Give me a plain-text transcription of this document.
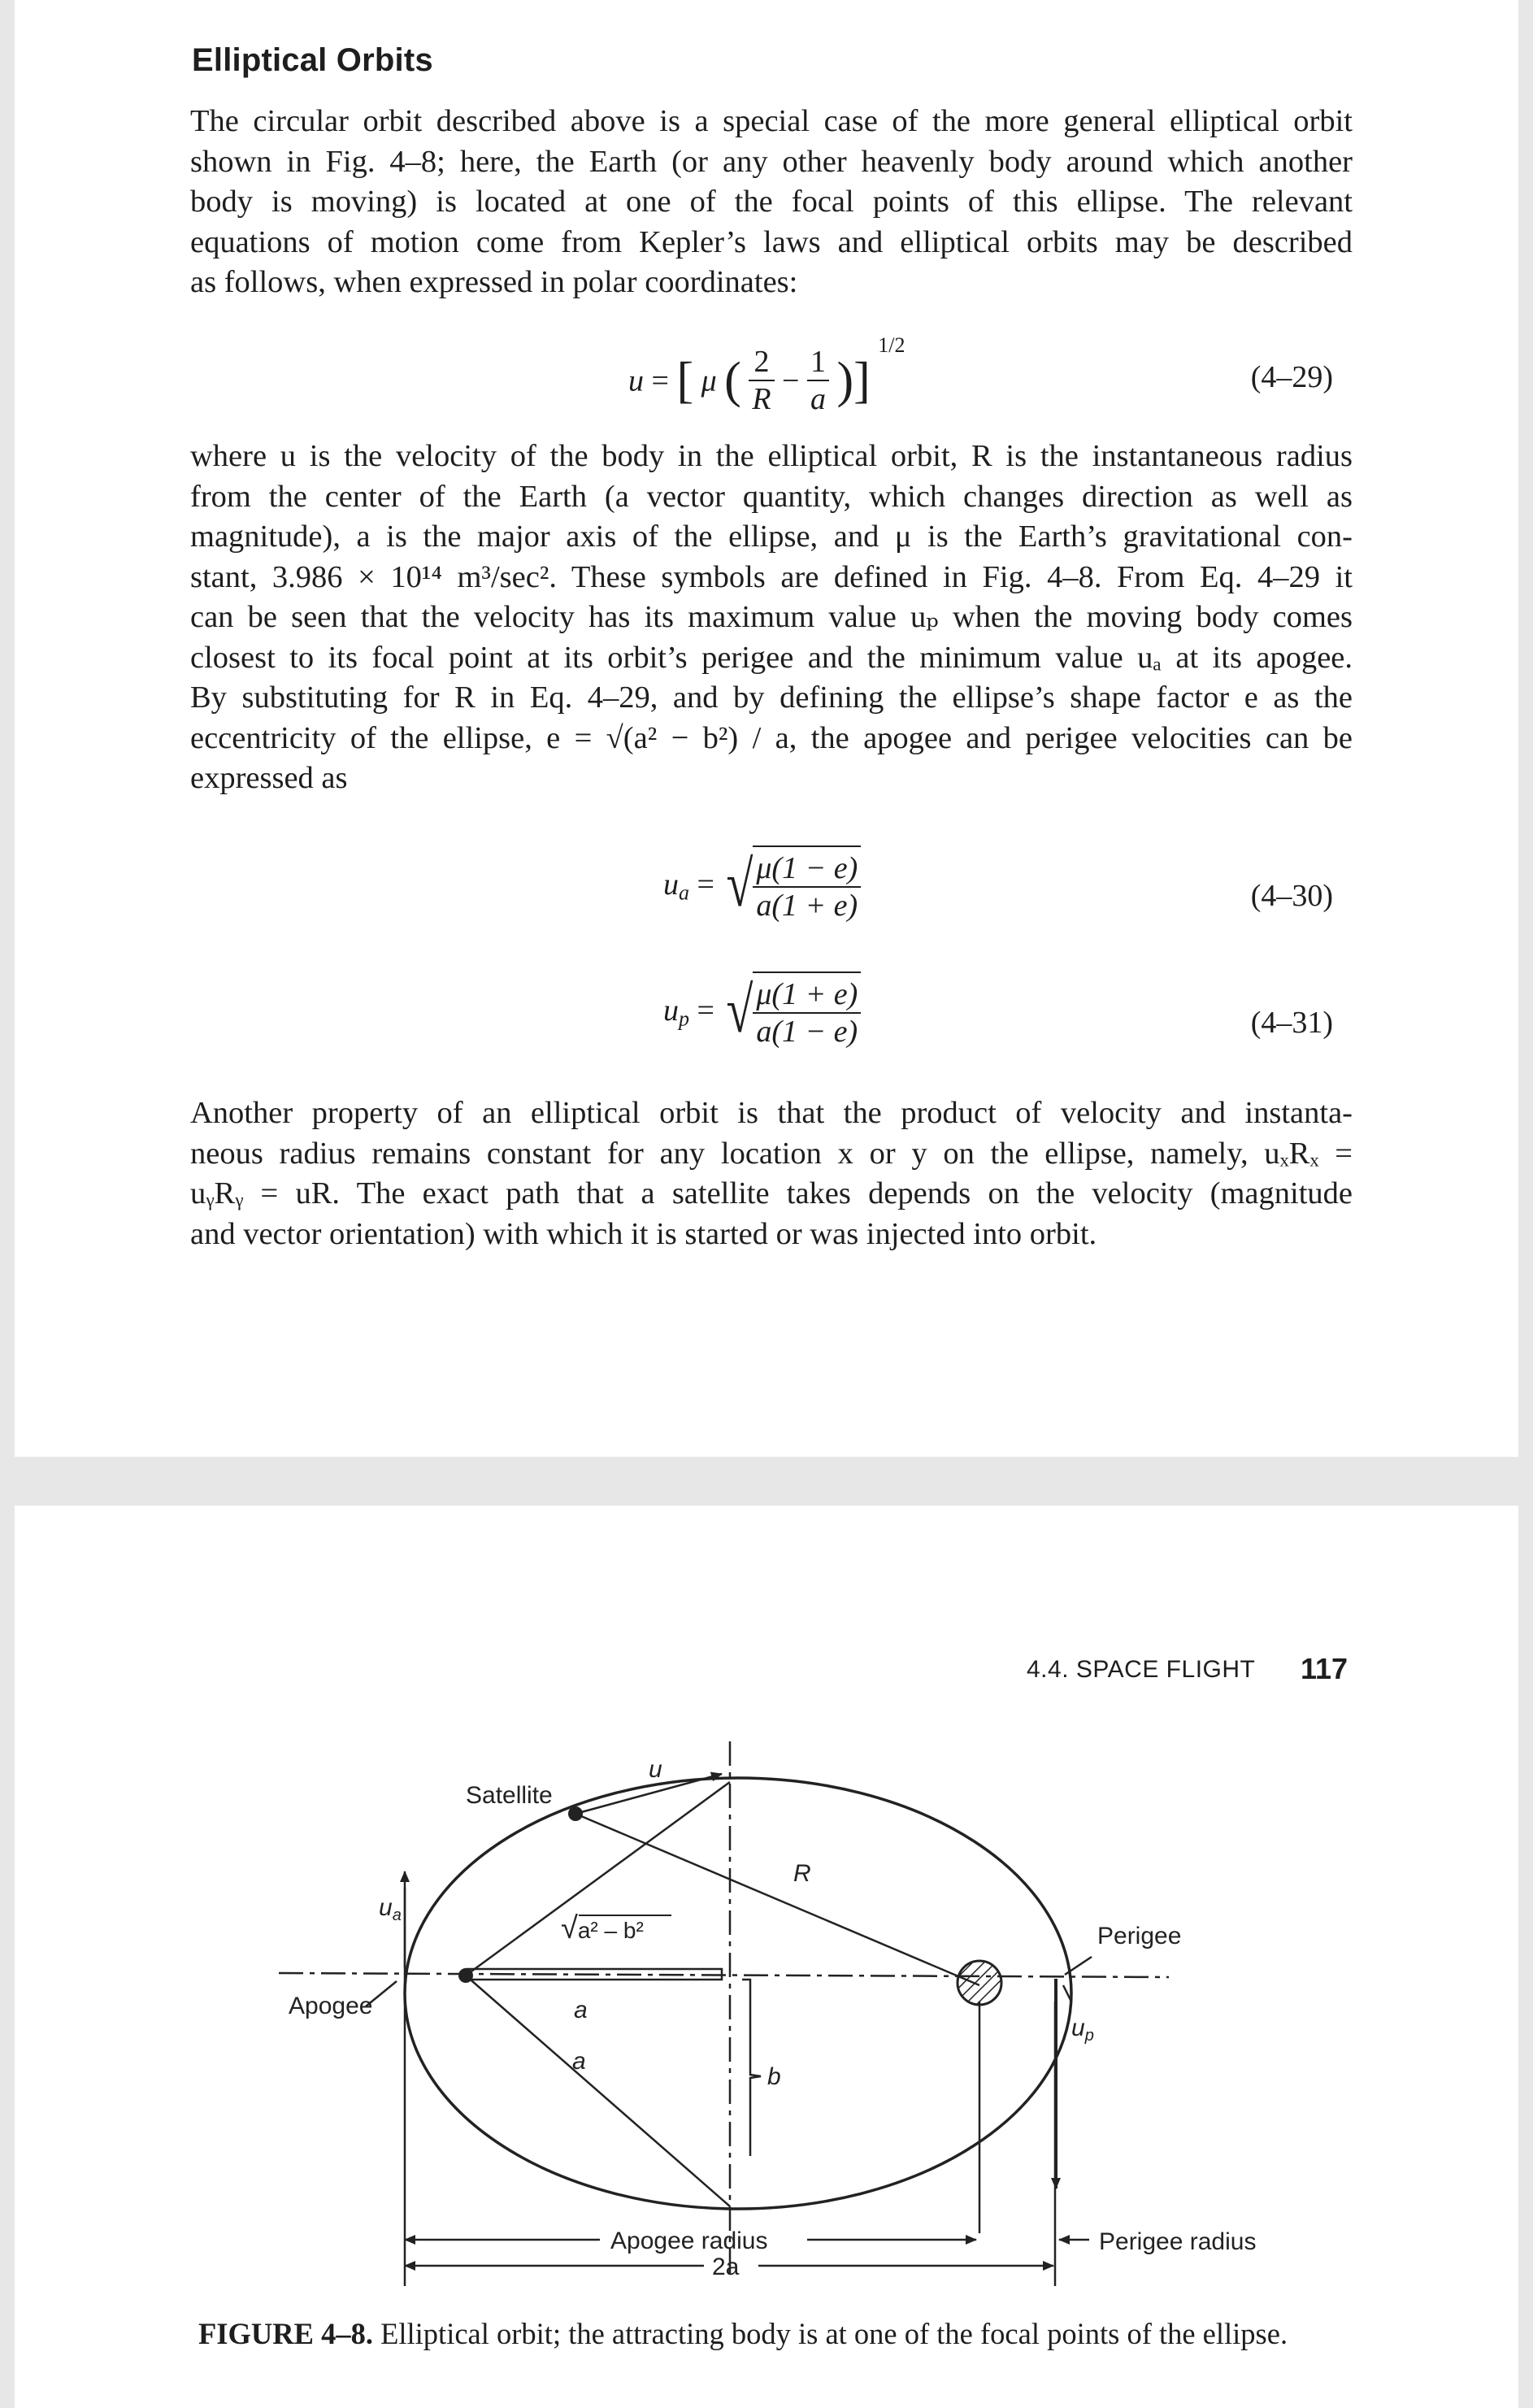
Elliptical Orbits
The circular orbit described above is a special case of the more general elliptical orbit
shown in Fig. 4–8; here, the Earth (or any other heavenly body around which another
body is moving) is located at one of the focal points of this ellipse. The relevant
equations of motion come from Kepler’s laws and elliptical orbits may be described
as follows, when expressed in polar coordinates:
u = [ μ ( $\frac{2}{R} - \frac{1}{a}$ )] $^{1/2}$
(4–29)
where u is the velocity of the body in the elliptical orbit, R is the instantaneous radius
from the center of the Earth (a vector quantity, which changes direction as well as
magnitude), a is the major axis of the ellipse, and μ is the Earth’s gravitational con-
stant, 3.986 × 10¹⁴ m³/sec². These symbols are defined in Fig. 4–8. From Eq. 4–29 it
can be seen that the velocity has its maximum value uₚ when the moving body comes
closest to its focal point at its orbit’s perigee and the minimum value uₐ at its apogee.
By substituting for R in Eq. 4–29, and by defining the ellipse’s shape factor e as the
eccentricity of the ellipse, e = √(a² − b²) / a, the apogee and perigee velocities can be
expressed as
$u_a$ = √ $\frac{\mu(1 - e)}{a(1 + e)}$	(4–30)
$u_p$ = √ $\frac{\mu(1 + e)}{a(1 - e)}$	(4–31)
Another property of an elliptical orbit is that the product of velocity and instanta-
neous radius remains constant for any location x or y on the ellipse, namely, uₓRₓ =
uᵧRᵧ = uR. The exact path that a satellite takes depends on the velocity (magnitude
and vector orientation) with which it is started or was injected into orbit.
4.4. SPACE FLIGHT 117
Satellite
u
R
$u_a$
Apogee
Perigee
$u_p$
√a² – b²
a
a
b
Apogee radius
2a
Perigee radius
FIGURE 4–8. Elliptical orbit; the attracting body is at one of the focal points of the ellipse.
